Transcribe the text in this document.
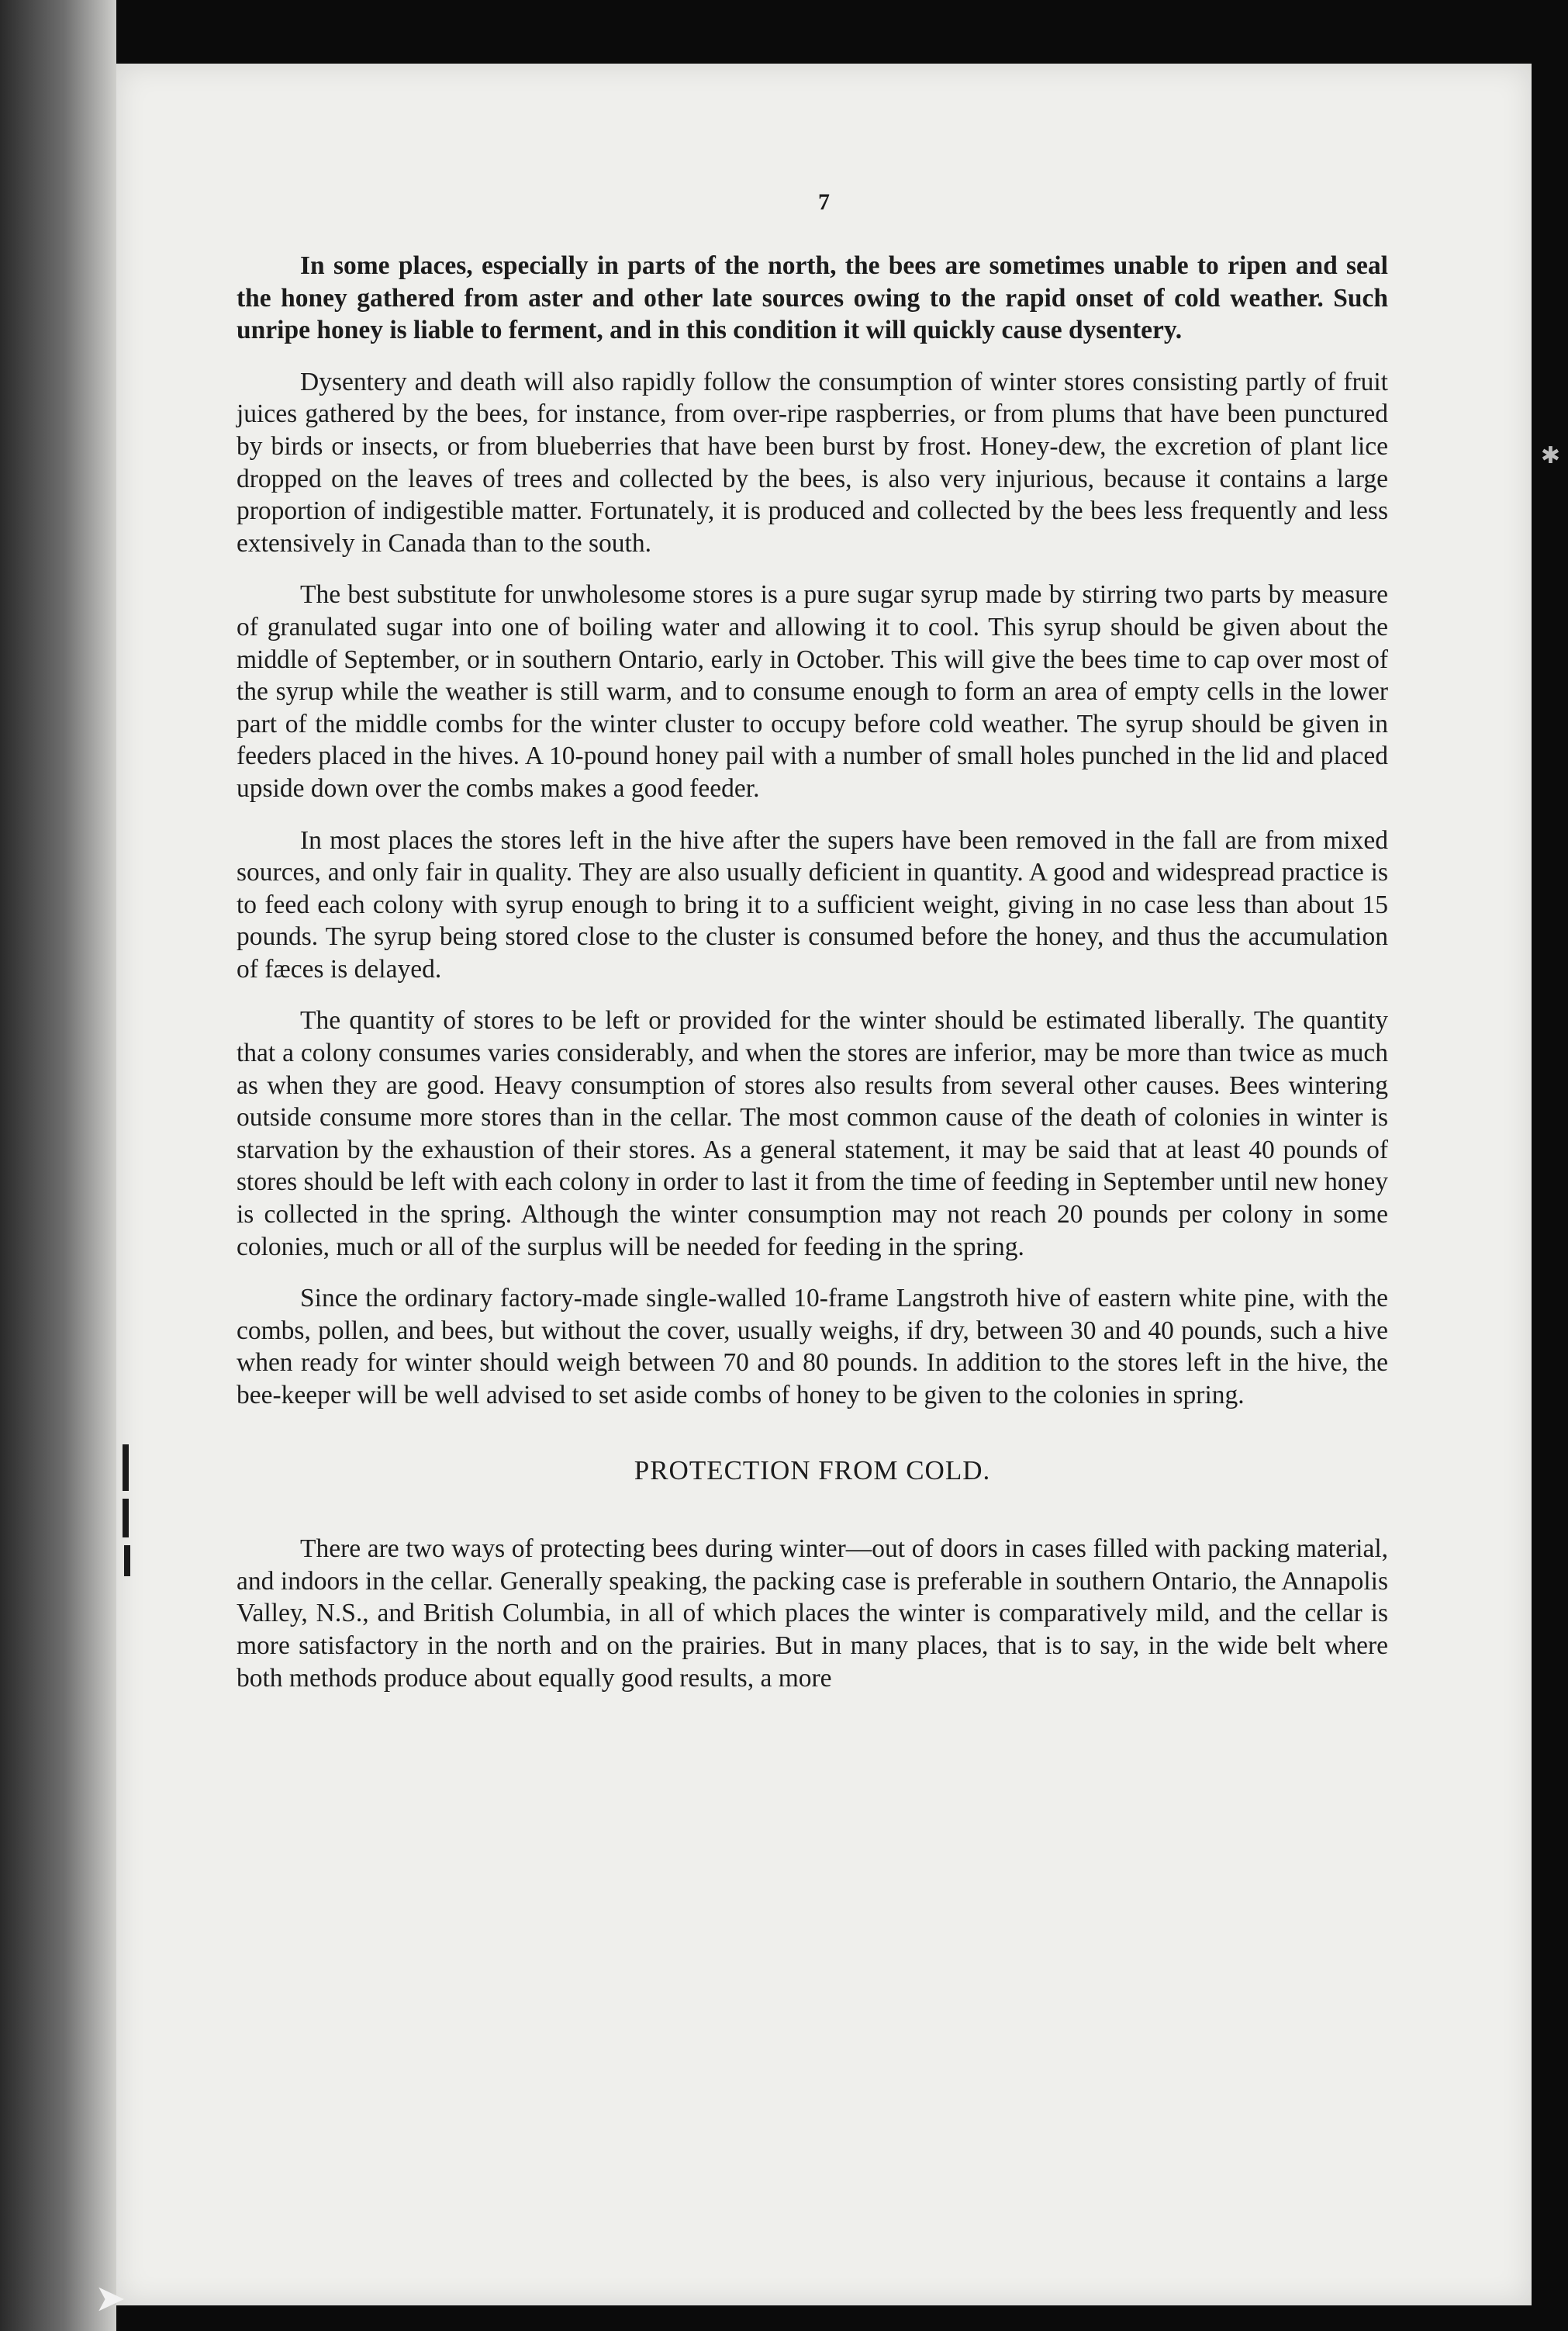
7

In some places, especially in parts of the north, the bees are sometimes unable to ripen and seal the honey gathered from aster and other late sources owing to the rapid onset of cold weather. Such unripe honey is liable to ferment, and in this condition it will quickly cause dysentery.

Dysentery and death will also rapidly follow the consumption of winter stores consisting partly of fruit juices gathered by the bees, for instance, from over-ripe raspberries, or from plums that have been punctured by birds or insects, or from blueberries that have been burst by frost. Honey-dew, the excretion of plant lice dropped on the leaves of trees and collected by the bees, is also very injurious, because it contains a large proportion of indigestible matter. Fortunately, it is produced and collected by the bees less frequently and less extensively in Canada than to the south.

The best substitute for unwholesome stores is a pure sugar syrup made by stirring two parts by measure of granulated sugar into one of boiling water and allowing it to cool. This syrup should be given about the middle of September, or in southern Ontario, early in October. This will give the bees time to cap over most of the syrup while the weather is still warm, and to consume enough to form an area of empty cells in the lower part of the middle combs for the winter cluster to occupy before cold weather. The syrup should be given in feeders placed in the hives. A 10-pound honey pail with a number of small holes punched in the lid and placed upside down over the combs makes a good feeder.

In most places the stores left in the hive after the supers have been removed in the fall are from mixed sources, and only fair in quality. They are also usually deficient in quantity. A good and widespread practice is to feed each colony with syrup enough to bring it to a sufficient weight, giving in no case less than about 15 pounds. The syrup being stored close to the cluster is consumed before the honey, and thus the accumulation of fæces is delayed.

The quantity of stores to be left or provided for the winter should be estimated liberally. The quantity that a colony consumes varies considerably, and when the stores are inferior, may be more than twice as much as when they are good. Heavy consumption of stores also results from several other causes. Bees wintering outside consume more stores than in the cellar. The most common cause of the death of colonies in winter is starvation by the exhaustion of their stores. As a general statement, it may be said that at least 40 pounds of stores should be left with each colony in order to last it from the time of feeding in September until new honey is collected in the spring. Although the winter consumption may not reach 20 pounds per colony in some colonies, much or all of the surplus will be needed for feeding in the spring.

Since the ordinary factory-made single-walled 10-frame Langstroth hive of eastern white pine, with the combs, pollen, and bees, but without the cover, usually weighs, if dry, between 30 and 40 pounds, such a hive when ready for winter should weigh between 70 and 80 pounds. In addition to the stores left in the hive, the bee-keeper will be well advised to set aside combs of honey to be given to the colonies in spring.

PROTECTION FROM COLD.

There are two ways of protecting bees during winter—out of doors in cases filled with packing material, and indoors in the cellar. Generally speaking, the packing case is preferable in southern Ontario, the Annapolis Valley, N.S., and British Columbia, in all of which places the winter is comparatively mild, and the cellar is more satisfactory in the north and on the prairies. But in many places, that is to say, in the wide belt where both methods produce about equally good results, a more

✱
➤
